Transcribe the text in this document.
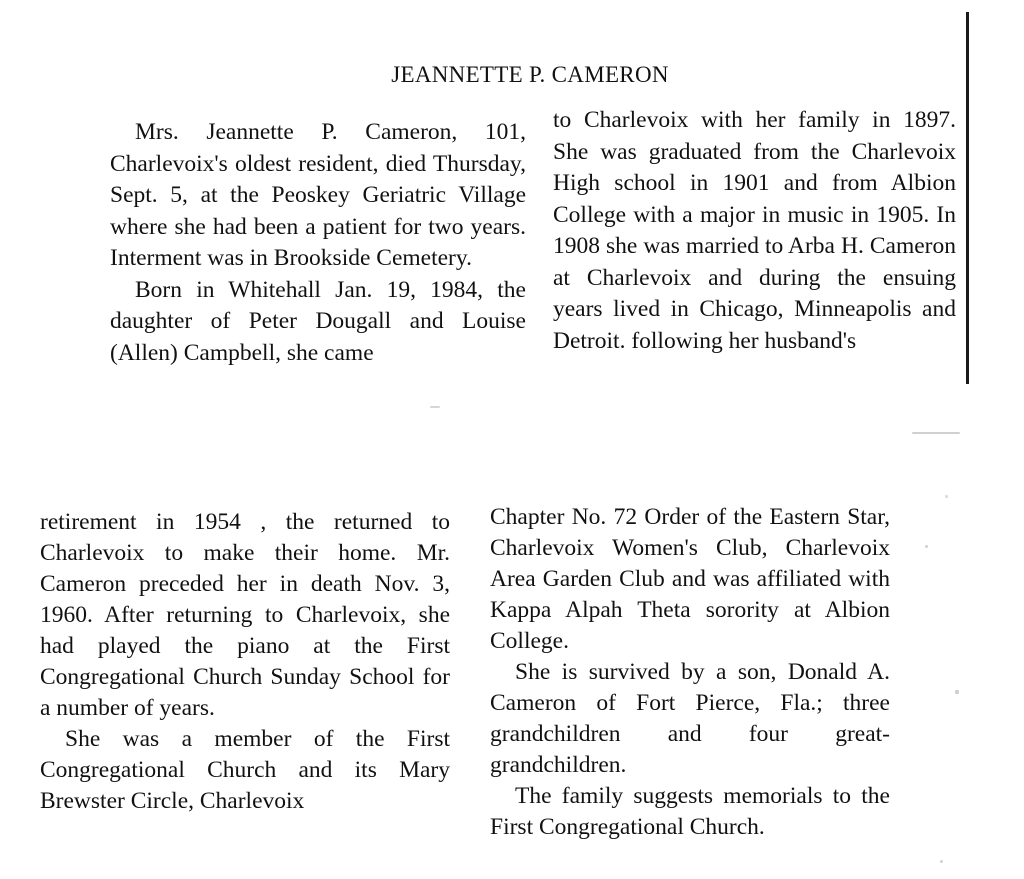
JEANNETTE P. CAMERON

Mrs. Jeannette P. Cameron, 101, Charlevoix's oldest resident, died Thursday, Sept. 5, at the Peoskey Geriatric Village where she had been a patient for two years. Interment was in Brookside Cemetery.

Born in Whitehall Jan. 19, 1984, the daughter of Peter Dougall and Louise (Allen) Campbell, she came

to Charlevoix with her family in 1897. She was graduated from the Charlevoix High school in 1901 and from Albion College with a major in music in 1905. In 1908 she was married to Arba H. Cameron at Charlevoix and during the ensuing years lived in Chicago, Minneapolis and Detroit. following her husband's

retirement in 1954 , the returned to Charlevoix to make their home. Mr. Cameron preceded her in death Nov. 3, 1960. After returning to Charlevoix, she had played the piano at the First Congregational Church Sunday School for a number of years.

She was a member of the First Congregational Church and its Mary Brewster Circle, Charlevoix

Chapter No. 72 Order of the Eastern Star, Charlevoix Women's Club, Charlevoix Area Garden Club and was affiliated with Kappa Alpah Theta sorority at Albion College.

She is survived by a son, Donald A. Cameron of Fort Pierce, Fla.; three grandchildren and four great-grandchildren.

The family suggests memorials to the First Congregational Church.
